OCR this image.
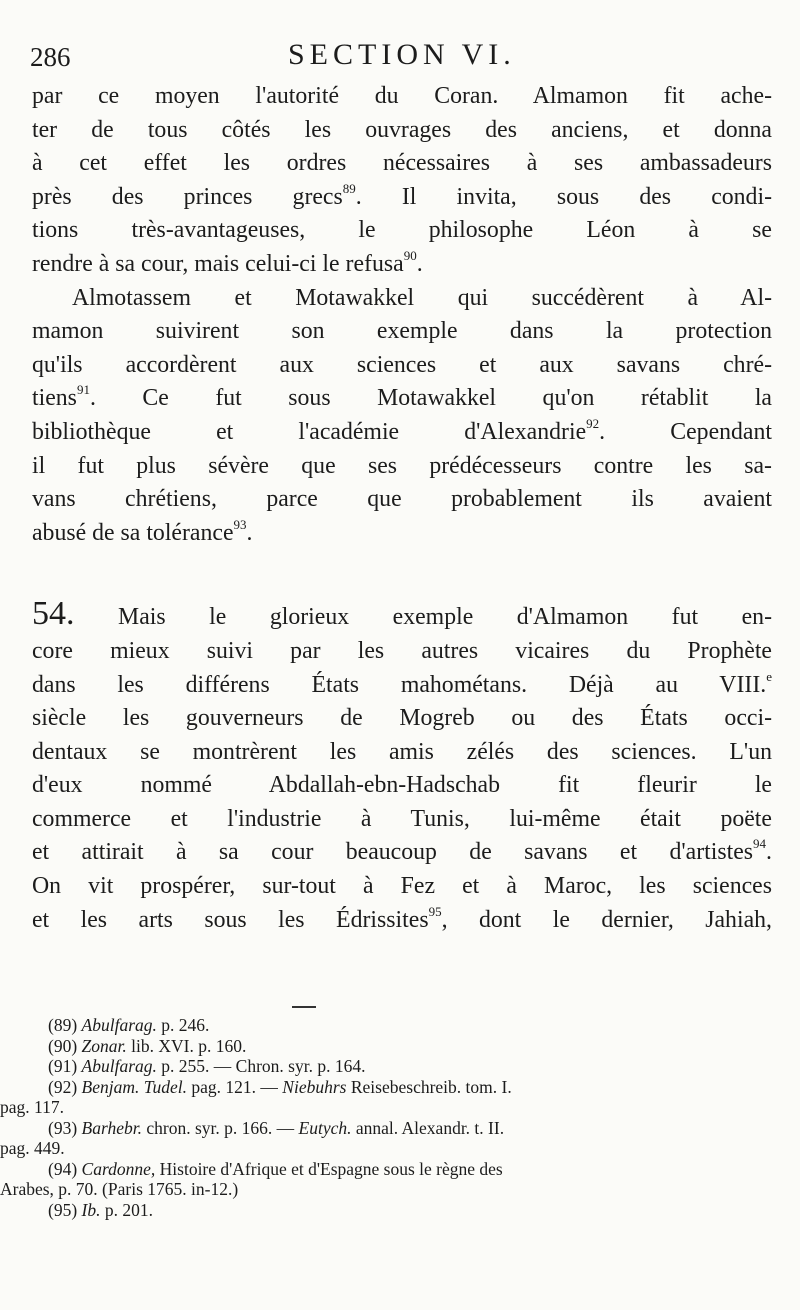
286	SECTION VI.
par ce moyen l'autorité du Coran. Almamon fit ache-
ter de tous côtés les ouvrages des anciens, et donna
à cet effet les ordres nécessaires à ses ambassadeurs
près des princes grecs$^{89}$. Il invita, sous des condi-
tions très-avantageuses, le philosophe Léon à se
rendre à sa cour, mais celui-ci le refusa$^{90}$.
Almotassem et Motawakkel qui succédèrent à Al-
mamon suivirent son exemple dans la protection
qu'ils accordèrent aux sciences et aux savans chré-
tiens$^{91}$. Ce fut sous Motawakkel qu'on rétablit la
bibliothèque et l'académie d'Alexandrie$^{92}$. Cependant
il fut plus sévère que ses prédécesseurs contre les sa-
vans chrétiens, parce que probablement ils avaient
abusé de sa tolérance$^{93}$.
54. Mais le glorieux exemple d'Almamon fut en-
core mieux suivi par les autres vicaires du Prophète
dans les différens États mahométans. Déjà au VIII.$^e$
siècle les gouverneurs de Mogreb ou des États occi-
dentaux se montrèrent les amis zélés des sciences. L'un
d'eux nommé Abdallah-ebn-Hadschab fit fleurir le
commerce et l'industrie à Tunis, lui-même était poëte
et attirait à sa cour beaucoup de savans et d'artistes$^{94}$.
On vit prospérer, sur-tout à Fez et à Maroc, les sciences
et les arts sous les Édrissites$^{95}$, dont le dernier, Jahiah,
(89) Abulfarag. p. 246.
(90) Zonar. lib. XVI. p. 160.
(91) Abulfarag. p. 255. — Chron. syr. p. 164.
(92) Benjam. Tudel. pag. 121. — Niebuhrs Reisebeschreib. tom. I.
pag. 117.
(93) Barhebr. chron. syr. p. 166. — Eutych. annal. Alexandr. t. II.
pag. 449.
(94) Cardonne, Histoire d'Afrique et d'Espagne sous le règne des
Arabes, p. 70. (Paris 1765. in-12.)
(95) Ib. p. 201.
